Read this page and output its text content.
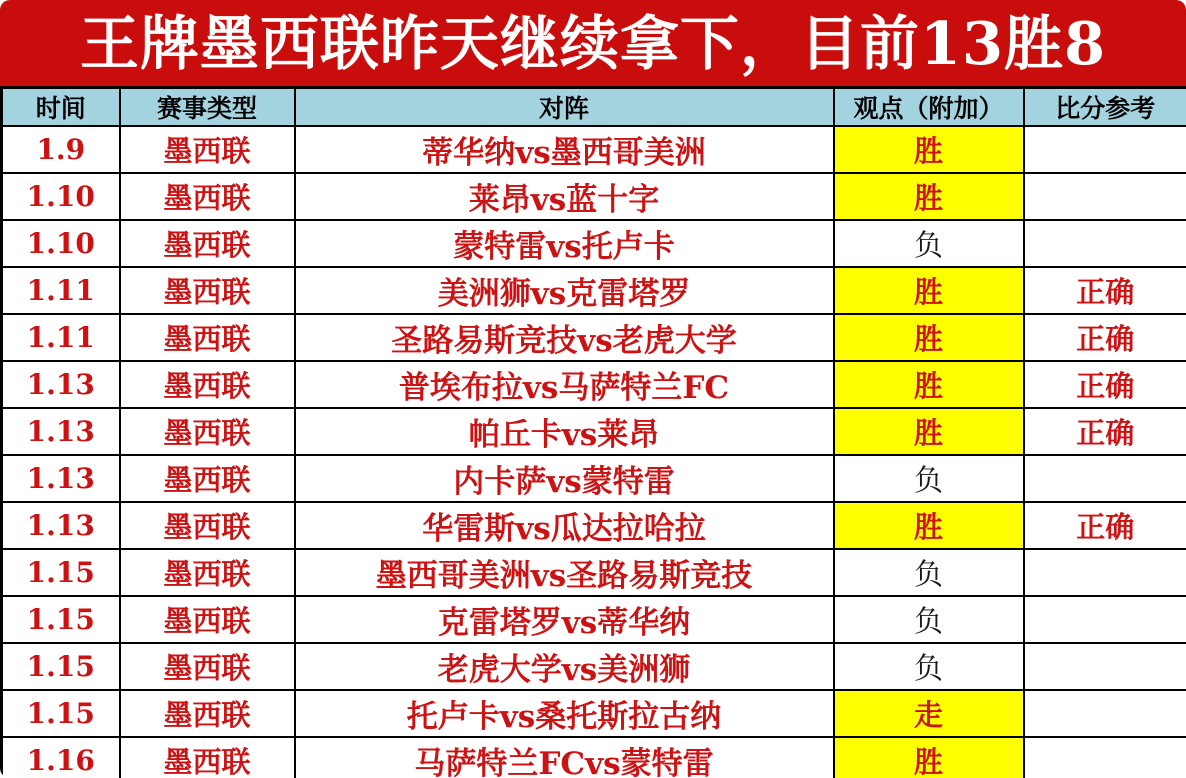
王牌墨西联昨天继续拿下，目前13胜8
时间	赛事类型	对阵	观点（附加）	比分参考
1.9	墨西联	蒂华纳vs墨西哥美洲	胜	
1.10	墨西联	莱昂vs蓝十字	胜	
1.10	墨西联	蒙特雷vs托卢卡	负	
1.11	墨西联	美洲狮vs克雷塔罗	胜	正确
1.11	墨西联	圣路易斯竞技vs老虎大学	胜	正确
1.13	墨西联	普埃布拉vs马萨特兰FC	胜	正确
1.13	墨西联	帕丘卡vs莱昂	胜	正确
1.13	墨西联	内卡萨vs蒙特雷	负	
1.13	墨西联	华雷斯vs瓜达拉哈拉	胜	正确
1.15	墨西联	墨西哥美洲vs圣路易斯竞技	负	
1.15	墨西联	克雷塔罗vs蒂华纳	负	
1.15	墨西联	老虎大学vs美洲狮	负	
1.15	墨西联	托卢卡vs桑托斯拉古纳	走	
1.16	墨西联	马萨特兰FCvs蒙特雷	胜	
